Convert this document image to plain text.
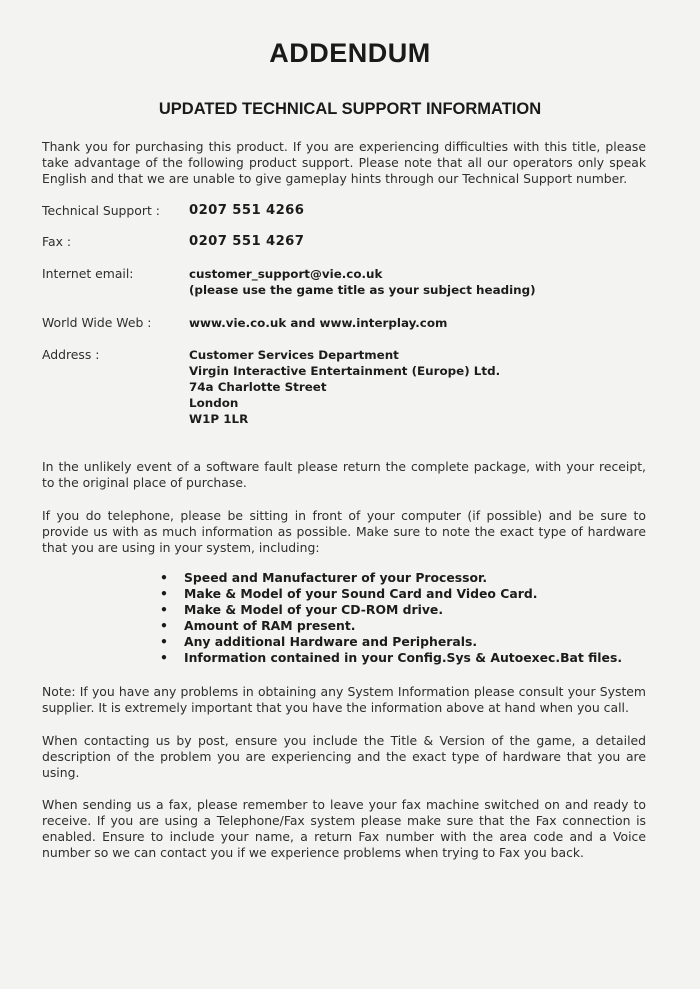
ADDENDUM
UPDATED TECHNICAL SUPPORT INFORMATION
Thank you for purchasing this product. If you are experiencing difficulties with this title, please take advantage of the following product support. Please note that all our operators only speak English and that we are unable to give gameplay hints through our Technical Support number.
Technical Support :	0207 551 4266
Fax :	0207 551 4267
Internet email:	customer_support@vie.co.uk
(please use the game title as your subject heading)
World Wide Web :	www.vie.co.uk and www.interplay.com
Address :	Customer Services Department
Virgin Interactive Entertainment (Europe) Ltd.
74a Charlotte Street
London
W1P 1LR
In the unlikely event of a software fault please return the complete package, with your receipt, to the original place of purchase.
If you do telephone, please be sitting in front of your computer (if possible) and be sure to provide us with as much information as possible. Make sure to note the exact type of hardware that you are using in your system, including:
• Speed and Manufacturer of your Processor.
• Make & Model of your Sound Card and Video Card.
• Make & Model of your CD-ROM drive.
• Amount of RAM present.
• Any additional Hardware and Peripherals.
• Information contained in your Config.Sys & Autoexec.Bat files.
Note: If you have any problems in obtaining any System Information please consult your System supplier. It is extremely important that you have the information above at hand when you call.
When contacting us by post, ensure you include the Title & Version of the game, a detailed description of the problem you are experiencing and the exact type of hardware that you are using.
When sending us a fax, please remember to leave your fax machine switched on and ready to receive. If you are using a Telephone/Fax system please make sure that the Fax connection is enabled. Ensure to include your name, a return Fax number with the area code and a Voice number so we can contact you if we experience problems when trying to Fax you back.
